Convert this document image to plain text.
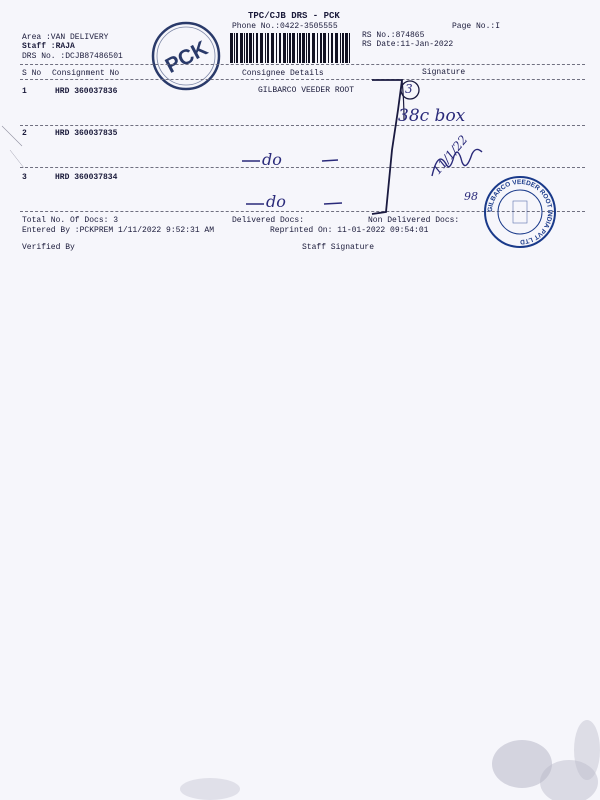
TPC/CJB DRS - PCK
Phone No.:0422-3505555	Page No.:I
Area :VAN DELIVERY
Staff :RAJA
DRS No. :DCJB87486501
RS No.:874865
RS Date:11-Jan-2022
PCK
S No Consignment No	Consignee Details	Signature
1	HRD 360037836	GILBARCO VEEDER ROOT
2	HRD 360037835
3	HRD 360037834
Total No. Of Docs: 3	Delivered Docs:	Non Delivered Docs:
Entered By :PCKPREM 1/11/2022 9:52:31 AM	Reprinted On: 11-01-2022 09:54:01
Verified By	Staff Signature
3
38c box
do
do
11/1/22
98
GILBARCO VEEDER ROOT INDIA PVT LTD
